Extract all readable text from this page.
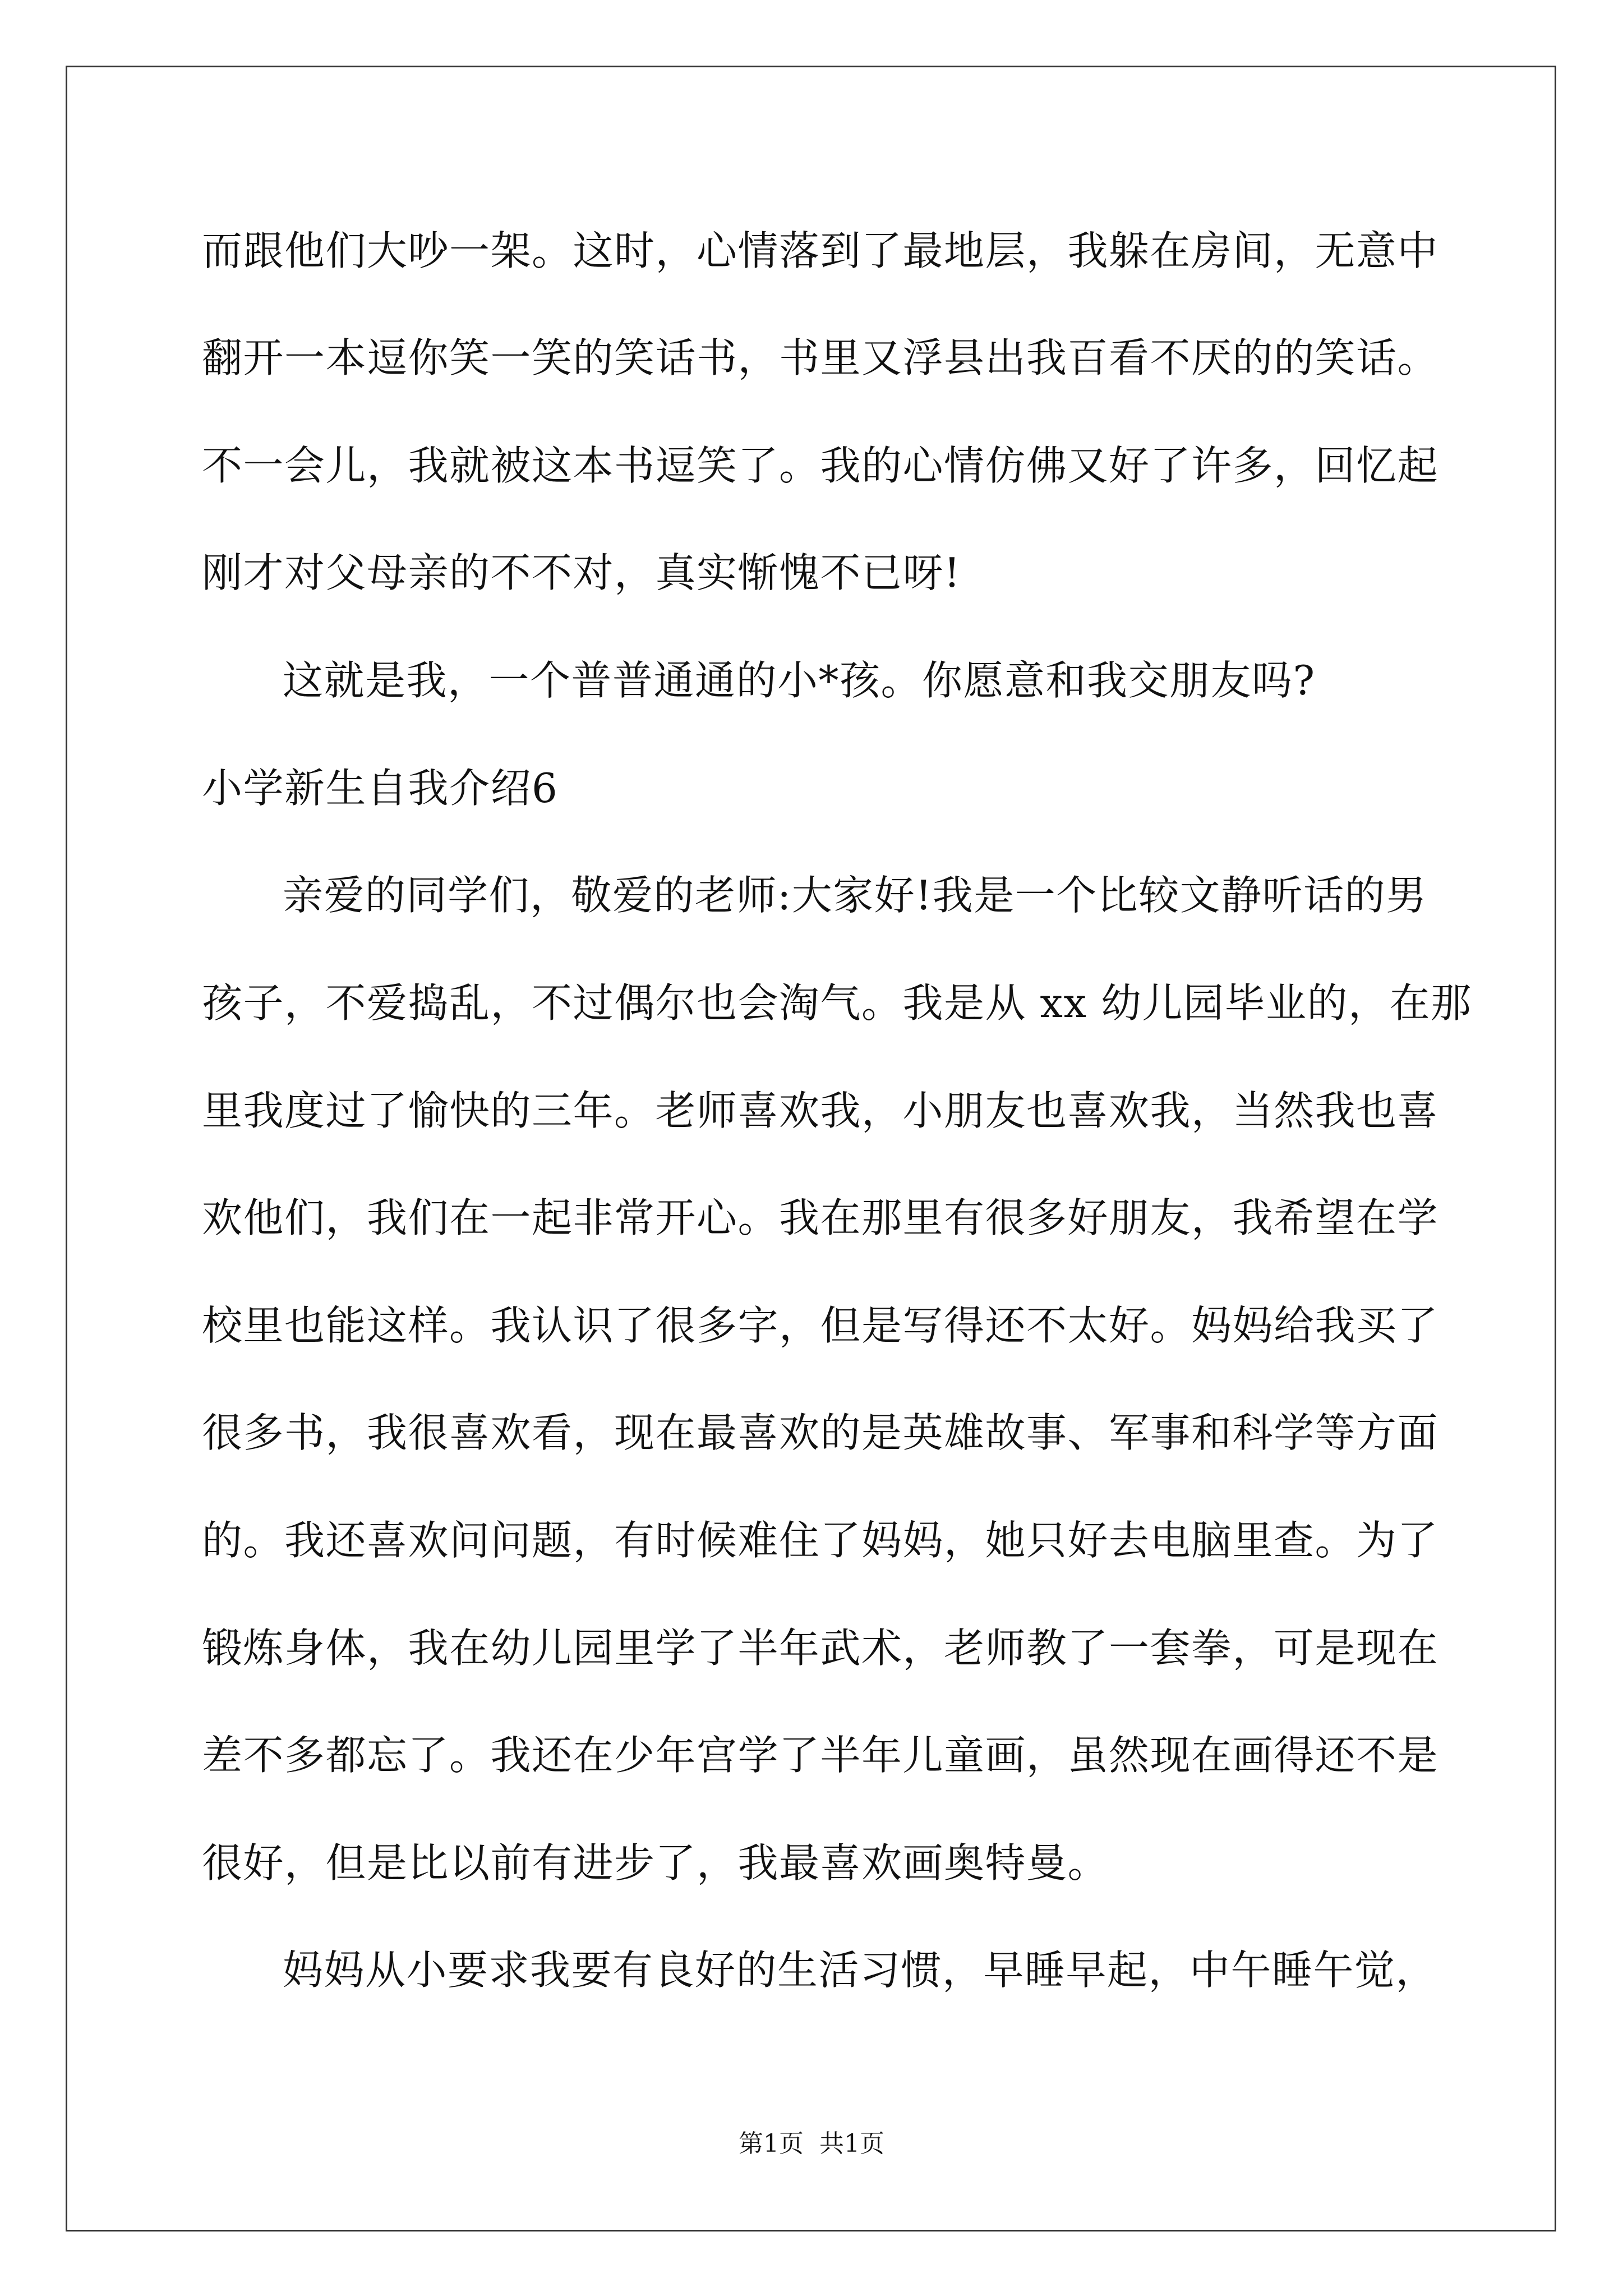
而跟他们大吵一架。这时，心情落到了最地层，我躲在房间，无意中
翻开一本逗你笑一笑的笑话书，书里又浮县出我百看不厌的的笑话。
不一会儿，我就被这本书逗笑了。我的心情仿佛又好了许多，回忆起
刚才对父母亲的不不对，真实惭愧不已呀!
这就是我，一个普普通通的小*孩。你愿意和我交朋友吗?
小学新生自我介绍6
亲爱的同学们，敬爱的老师:大家好!我是一个比较文静听话的男
孩子，不爱捣乱，不过偶尔也会淘气。我是从 xx 幼儿园毕业的，在那
里我度过了愉快的三年。老师喜欢我，小朋友也喜欢我，当然我也喜
欢他们，我们在一起非常开心。我在那里有很多好朋友，我希望在学
校里也能这样。我认识了很多字，但是写得还不太好。妈妈给我买了
很多书，我很喜欢看，现在最喜欢的是英雄故事、军事和科学等方面
的。我还喜欢问问题，有时候难住了妈妈，她只好去电脑里查。为了
锻炼身体，我在幼儿园里学了半年武术，老师教了一套拳，可是现在
差不多都忘了。我还在少年宫学了半年儿童画，虽然现在画得还不是
很好，但是比以前有进步了，我最喜欢画奥特曼。
妈妈从小要求我要有良好的生活习惯，早睡早起，中午睡午觉，
第1页  共1页
